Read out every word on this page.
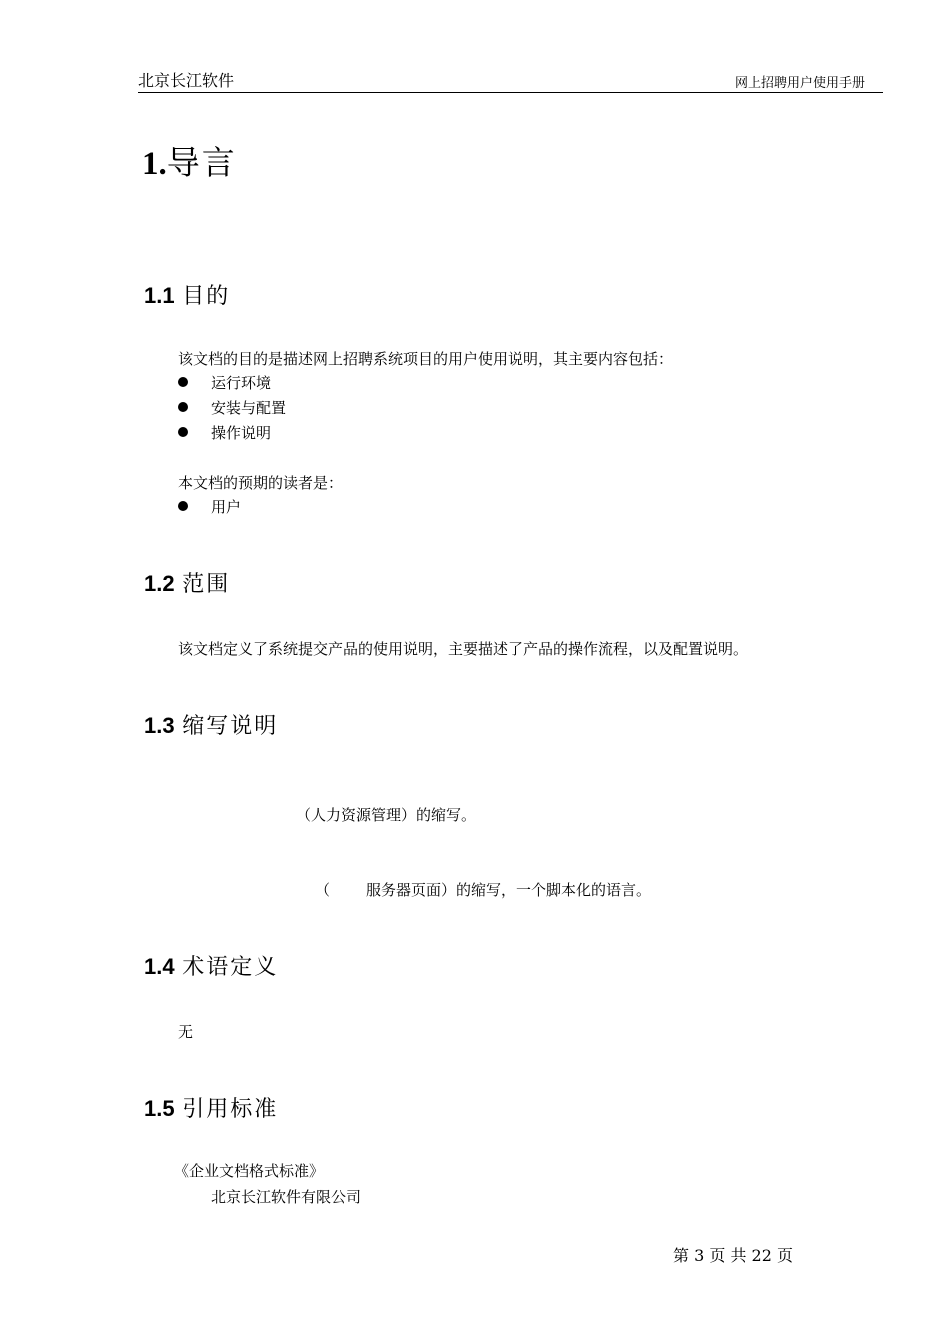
北京长江软件	网上招聘用户使用手册
1.导言
1.1 目的

该文档的目的是描述网上招聘系统项目的用户使用说明，其主要内容包括：

运行环境
安装与配置
操作说明

本文档的预期的读者是：

用户
1.2 范围

该文档定义了系统提交产品的使用说明，主要描述了产品的操作流程，以及配置说明。

1.3 缩写说明

（人力资源管理）的缩写。

（ 服务器页面）的缩写，一个脚本化的语言。

1.4 术语定义

无

1.5 引用标准

《企业文档格式标准》

北京长江软件有限公司

第 3 页 共 22 页
